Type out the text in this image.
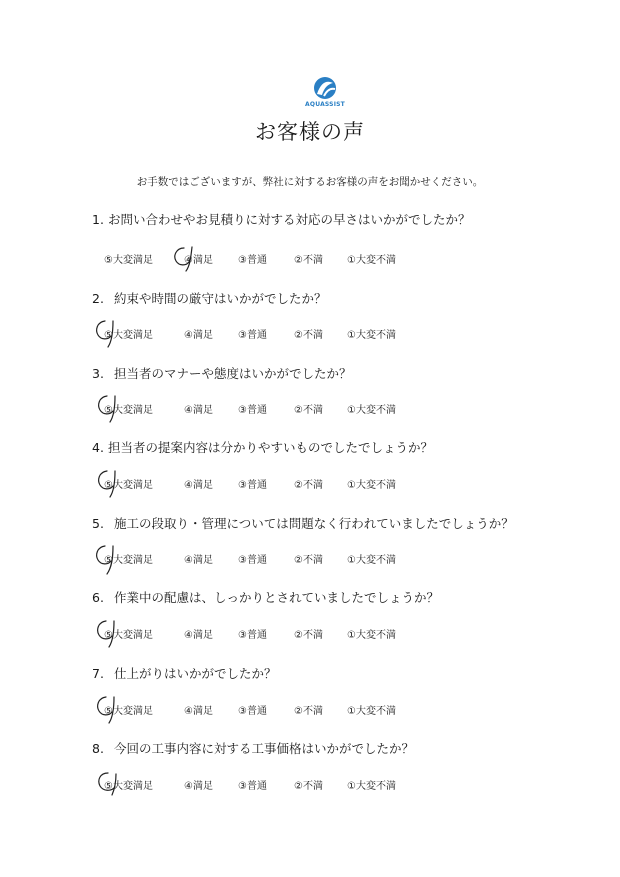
AQUASSIST
お客様の声
お手数ではございますが、弊社に対するお客様の声をお聞かせください。
1. お問い合わせやお見積りに対する対応の早さはいかがでしたか？
⑤大変満足	④満足	③普通	②不満 ①大変不満
2. 約束や時間の厳守はいかがでしたか？
⑤大変満足	④満足	③普通	②不満 ①大変不満
3. 担当者のマナーや態度はいかがでしたか？
⑤大変満足	④満足	③普通	②不満 ①大変不満
4. 担当者の提案内容は分かりやすいものでしたでしょうか？
⑤大変満足	④満足	③普通	②不満 ①大変不満
5. 施工の段取り・管理については問題なく行われていましたでしょうか？
⑤大変満足	④満足	③普通	②不満 ①大変不満
6. 作業中の配慮は、しっかりとされていましたでしょうか？
⑤大変満足	④満足	③普通	②不満 ①大変不満
7. 仕上がりはいかがでしたか？
⑤大変満足	④満足	③普通	②不満 ①大変不満
8. 今回の工事内容に対する工事価格はいかがでしたか？
⑤大変満足	④満足	③普通	②不満 ①大変不満
